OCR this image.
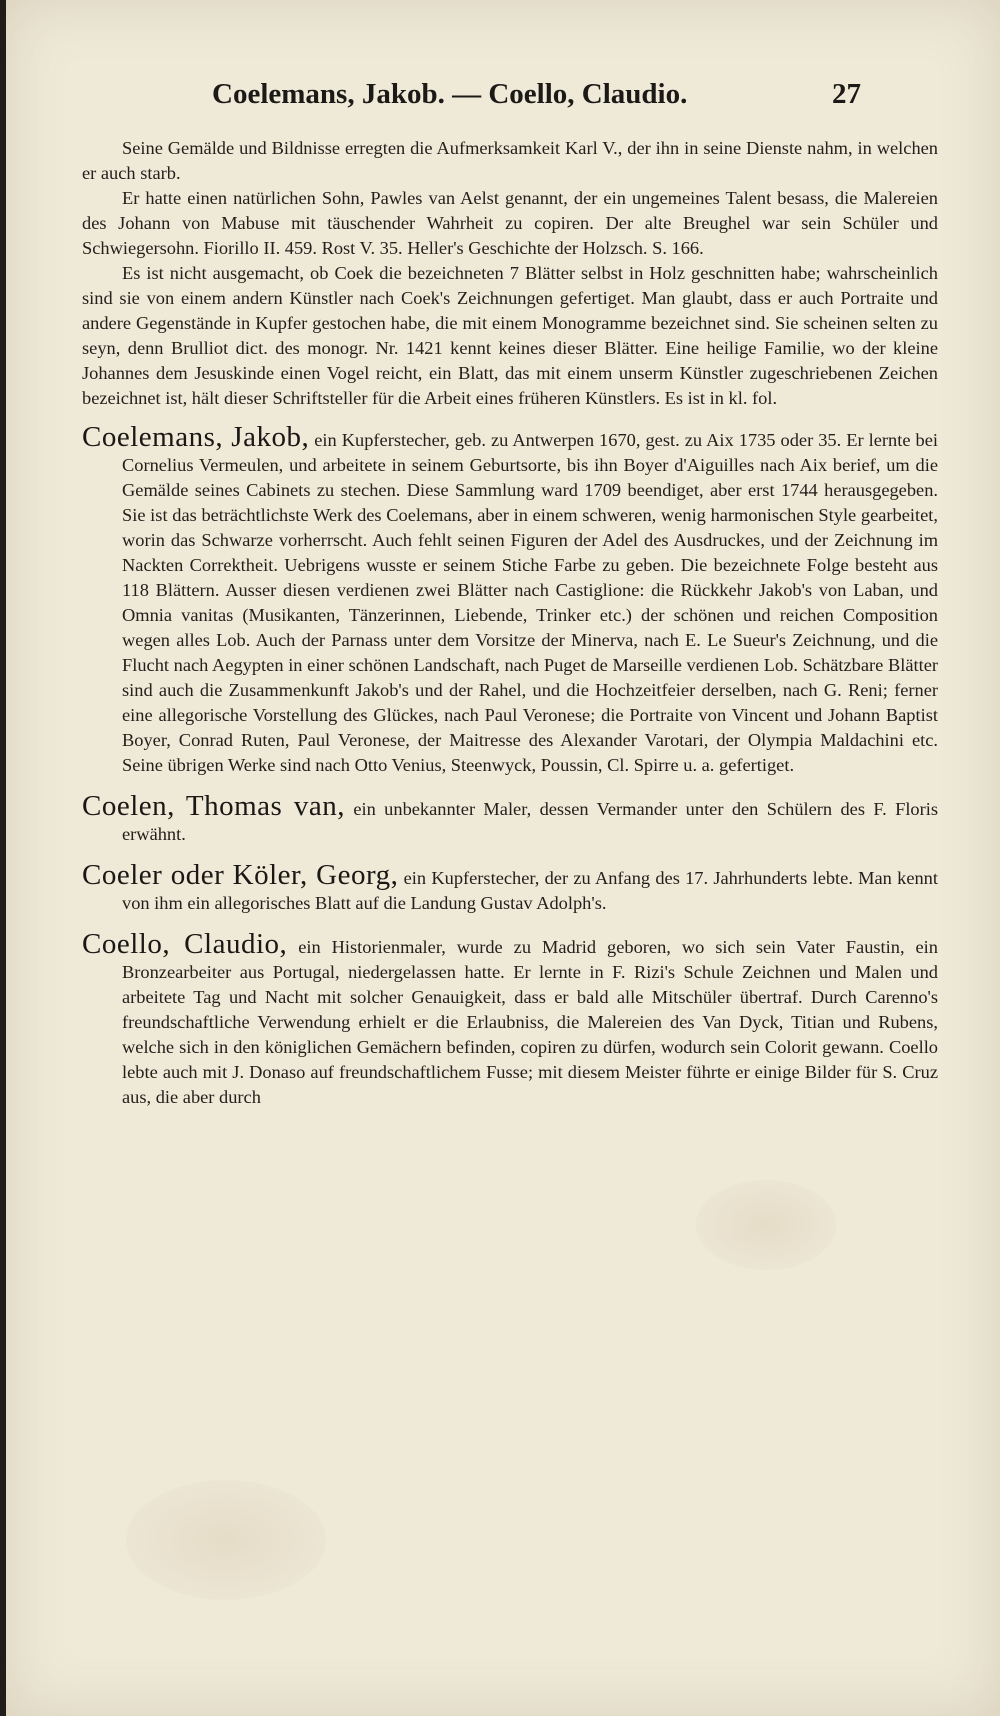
Coelemans, Jakob. — Coello, Claudio.	27

Seine Gemälde und Bildnisse erregten die Aufmerksamkeit Karl V., der ihn in seine Dienste nahm, in welchen er auch starb.

Er hatte einen natürlichen Sohn, Pawles van Aelst genannt, der ein ungemeines Talent besass, die Malereien des Johann von Mabuse mit täuschender Wahrheit zu copiren. Der alte Breughel war sein Schüler und Schwiegersohn. Fiorillo II. 459. Rost V. 35. Heller's Geschichte der Holzsch. S. 166.

Es ist nicht ausgemacht, ob Coek die bezeichneten 7 Blätter selbst in Holz geschnitten habe; wahrscheinlich sind sie von einem andern Künstler nach Coek's Zeichnungen gefertiget. Man glaubt, dass er auch Portraite und andere Gegenstände in Kupfer gestochen habe, die mit einem Monogramme bezeichnet sind. Sie scheinen selten zu seyn, denn Brulliot dict. des monogr. Nr. 1421 kennt keines dieser Blätter. Eine heilige Familie, wo der kleine Johannes dem Jesuskinde einen Vogel reicht, ein Blatt, das mit einem unserm Künstler zugeschriebenen Zeichen bezeichnet ist, hält dieser Schriftsteller für die Arbeit eines früheren Künstlers. Es ist in kl. fol.

Coelemans, Jakob, ein Kupferstecher, geb. zu Antwerpen 1670, gest. zu Aix 1735 oder 35. Er lernte bei Cornelius Vermeulen, und arbeitete in seinem Geburtsorte, bis ihn Boyer d'Aiguilles nach Aix berief, um die Gemälde seines Cabinets zu stechen. Diese Sammlung ward 1709 beendiget, aber erst 1744 herausgegeben. Sie ist das beträchtlichste Werk des Coelemans, aber in einem schweren, wenig harmonischen Style gearbeitet, worin das Schwarze vorherrscht. Auch fehlt seinen Figuren der Adel des Ausdruckes, und der Zeichnung im Nackten Correktheit. Uebrigens wusste er seinem Stiche Farbe zu geben. Die bezeichnete Folge besteht aus 118 Blättern. Ausser diesen verdienen zwei Blätter nach Castiglione: die Rückkehr Jakob's von Laban, und Omnia vanitas (Musikanten, Tänzerinnen, Liebende, Trinker etc.) der schönen und reichen Composition wegen alles Lob. Auch der Parnass unter dem Vorsitze der Minerva, nach E. Le Sueur's Zeichnung, und die Flucht nach Aegypten in einer schönen Landschaft, nach Puget de Marseille verdienen Lob. Schätzbare Blätter sind auch die Zusammenkunft Jakob's und der Rahel, und die Hochzeitfeier derselben, nach G. Reni; ferner eine allegorische Vorstellung des Glückes, nach Paul Veronese; die Portraite von Vincent und Johann Baptist Boyer, Conrad Ruten, Paul Veronese, der Maitresse des Alexander Varotari, der Olympia Maldachini etc. Seine übrigen Werke sind nach Otto Venius, Steenwyck, Poussin, Cl. Spirre u. a. gefertiget.

Coelen, Thomas van, ein unbekannter Maler, dessen Vermander unter den Schülern des F. Floris erwähnt.

Coeler oder Köler, Georg, ein Kupferstecher, der zu Anfang des 17. Jahrhunderts lebte. Man kennt von ihm ein allegorisches Blatt auf die Landung Gustav Adolph's.

Coello, Claudio, ein Historienmaler, wurde zu Madrid geboren, wo sich sein Vater Faustin, ein Bronzearbeiter aus Portugal, niedergelassen hatte. Er lernte in F. Rizi's Schule Zeichnen und Malen und arbeitete Tag und Nacht mit solcher Genauigkeit, dass er bald alle Mitschüler übertraf. Durch Carenno's freundschaftliche Verwendung erhielt er die Erlaubniss, die Malereien des Van Dyck, Titian und Rubens, welche sich in den königlichen Gemächern befinden, copiren zu dürfen, wodurch sein Colorit gewann. Coello lebte auch mit J. Donaso auf freundschaftlichem Fusse; mit diesem Meister führte er einige Bilder für S. Cruz aus, die aber durch
